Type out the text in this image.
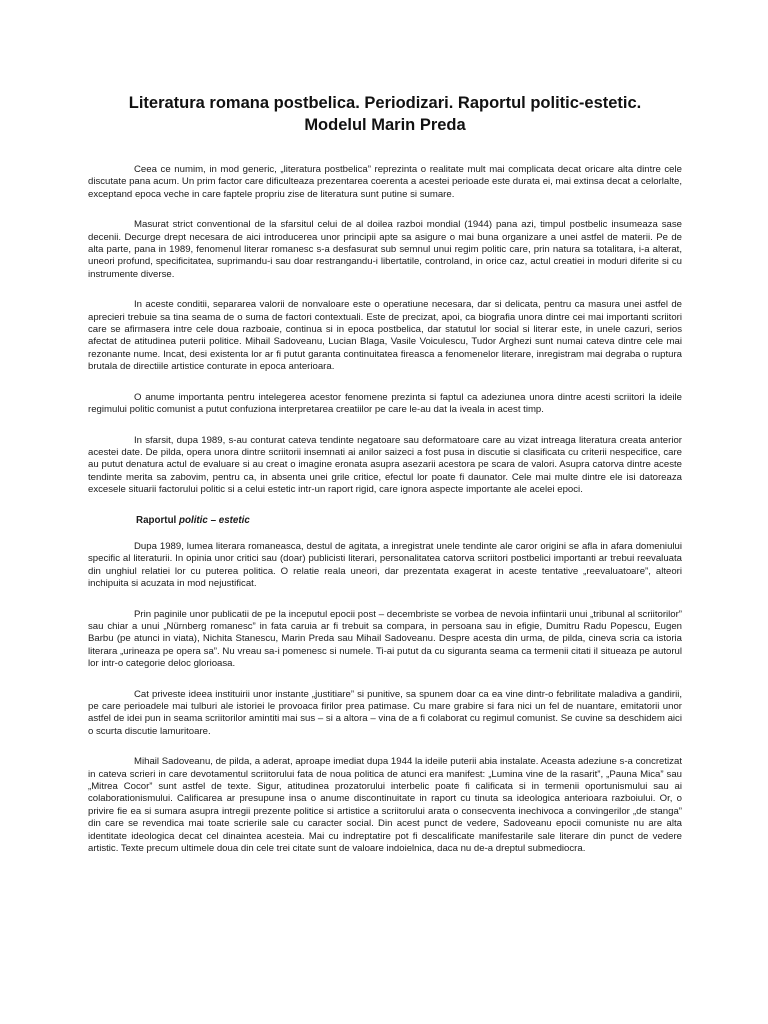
Literatura romana postbelica. Periodizari. Raportul politic-estetic.
Modelul Marin Preda

Ceea ce numim, in mod generic, „literatura postbelica” reprezinta o realitate mult mai complicata decat oricare alta dintre cele discutate pana acum. Un prim factor care dificulteaza prezentarea coerenta a acestei perioade este durata ei, mai extinsa decat a celorlalte, exceptand epoca veche in care faptele propriu zise de literatura sunt putine si sumare.

Masurat strict conventional de la sfarsitul celui de al doilea razboi mondial (1944) pana azi, timpul postbelic insumeaza sase decenii. Decurge drept necesara de aici introducerea unor principii apte sa asigure o mai buna organizare a unei astfel de materii. Pe de alta parte, pana in 1989, fenomenul literar romanesc s-a desfasurat sub semnul unui regim politic care, prin natura sa totalitara, i-a alterat, uneori profund, specificitatea, suprimandu-i sau doar restrangandu-i libertatile, controland, in orice caz, actul creatiei in moduri diferite si cu instrumente diverse.

In aceste conditii, separarea valorii de nonvaloare este o operatiune necesara, dar si delicata, pentru ca masura unei astfel de aprecieri trebuie sa tina seama de o suma de factori contextuali. Este de precizat, apoi, ca biografia unora dintre cei mai importanti scriitori care se afirmasera intre cele doua razboaie, continua si in epoca postbelica, dar statutul lor social si literar este, in unele cazuri, serios afectat de atitudinea puterii politice. Mihail Sadoveanu, Lucian Blaga, Vasile Voiculescu, Tudor Arghezi sunt numai cateva dintre cele mai rezonante nume. Incat, desi existenta lor ar fi putut garanta continuitatea fireasca a fenomenelor literare, inregistram mai degraba o ruptura brutala de directiile artistice conturate in epoca anterioara.

O anume importanta pentru intelegerea acestor fenomene prezinta si faptul ca adeziunea unora dintre acesti scriitori la ideile regimului politic comunist a putut confuziona interpretarea creatiilor pe care le-au dat la iveala in acest timp.

In sfarsit, dupa 1989, s-au conturat cateva tendinte negatoare sau deformatoare care au vizat intreaga literatura creata anterior acestei date. De pilda, opera unora dintre scriitorii insemnati ai anilor saizeci a fost pusa in discutie si clasificata cu criterii nespecifice, care au putut denatura actul de evaluare si au creat o imagine eronata asupra asezarii acestora pe scara de valori. Asupra catorva dintre aceste tendinte merita sa zabovim, pentru ca, in absenta unei grile critice, efectul lor poate fi daunator. Cele mai multe dintre ele isi datoreaza excesele situarii factorului politic si a celui estetic intr-un raport rigid, care ignora aspecte importante ale acelei epoci.

Raportul politic – estetic

Dupa 1989, lumea literara romaneasca, destul de agitata, a inregistrat unele tendinte ale caror origini se afla in afara domeniului specific al literaturii. In opinia unor critici sau (doar) publicisti literari, personalitatea catorva scriitori postbelici importanti ar trebui reevaluata din unghiul relatiei lor cu puterea politica. O relatie reala uneori, dar prezentata exagerat in aceste tentative „reevaluatoare”, alteori inchipuita si acuzata in mod nejustificat.

Prin paginile unor publicatii de pe la inceputul epocii post – decembriste se vorbea de nevoia infiintarii unui „tribunal al scriitorilor” sau chiar a unui „Nürnberg romanesc” in fata caruia ar fi trebuit sa compara, in persoana sau in efigie, Dumitru Radu Popescu, Eugen Barbu (pe atunci in viata), Nichita Stanescu, Marin Preda sau Mihail Sadoveanu. Despre acesta din urma, de pilda, cineva scria ca istoria literara „urineaza pe opera sa”. Nu vreau sa-i pomenesc si numele. Ti-ai putut da cu siguranta seama ca termenii citati il situeaza pe autorul lor intr-o categorie deloc glorioasa.

Cat priveste ideea instituirii unor instante „justitiare” si punitive, sa spunem doar ca ea vine dintr-o febrilitate maladiva a gandirii, pe care perioadele mai tulburi ale istoriei le provoaca firilor prea patimase. Cu mare grabire si fara nici un fel de nuantare, emitatorii unor astfel de idei pun in seama scriitorilor amintiti mai sus – si a altora – vina de a fi colaborat cu regimul comunist. Se cuvine sa deschidem aici o scurta discutie lamuritoare.

Mihail Sadoveanu, de pilda, a aderat, aproape imediat dupa 1944 la ideile puterii abia instalate. Aceasta adeziune s-a concretizat in cateva scrieri in care devotamentul scriitorului fata de noua politica de atunci era manifest: „Lumina vine de la rasarit”, „Pauna Mica” sau „Mitrea Cocor” sunt astfel de texte. Sigur, atitudinea prozatorului interbelic poate fi calificata si in termenii oportunismului sau ai colaborationismului. Calificarea ar presupune insa o anume discontinuitate in raport cu tinuta sa ideologica anterioara razboiului. Or, o privire fie ea si sumara asupra intregii prezente politice si artistice a scriitorului arata o consecventa inechivoca a convingerilor „de stanga” din care se revendica mai toate scrierile sale cu caracter social. Din acest punct de vedere, Sadoveanu epocii comuniste nu are alta identitate ideologica decat cel dinaintea acesteia. Mai cu indreptatire pot fi descalificate manifestarile sale literare din punct de vedere artistic. Texte precum ultimele doua din cele trei citate sunt de valoare indoielnica, daca nu de-a dreptul submediocra.
